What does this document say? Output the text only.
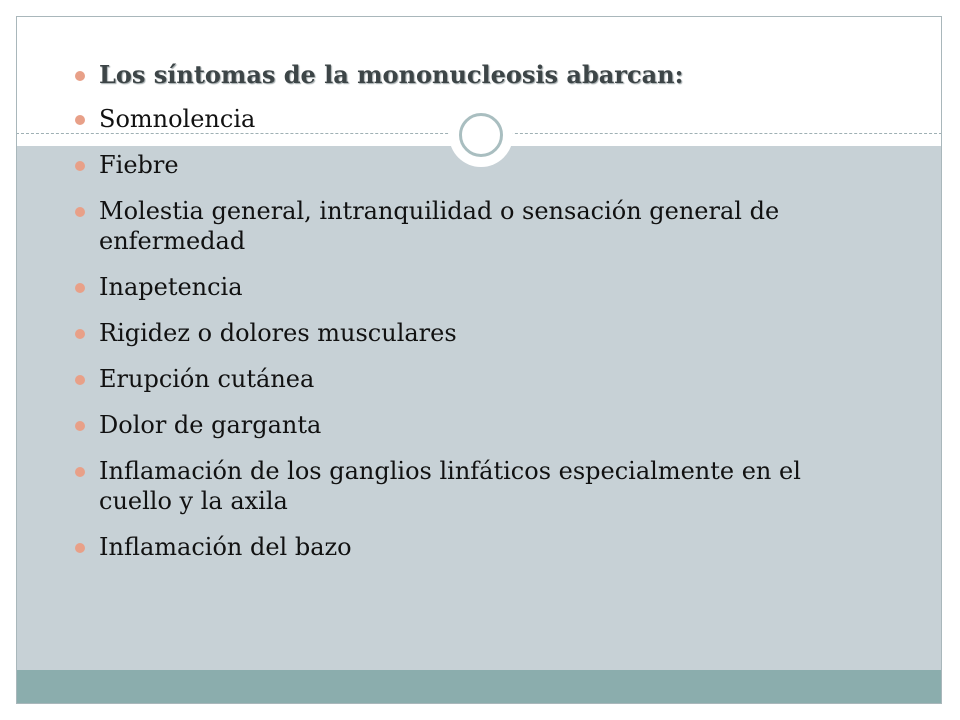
Los síntomas de la mononucleosis abarcan:
Somnolencia
Fiebre
Molestia general, intranquilidad o sensación general de enfermedad
Inapetencia
Rigidez o dolores musculares
Erupción cutánea
Dolor de garganta
Inflamación de los ganglios linfáticos especialmente en el cuello y la axila
Inflamación del bazo
